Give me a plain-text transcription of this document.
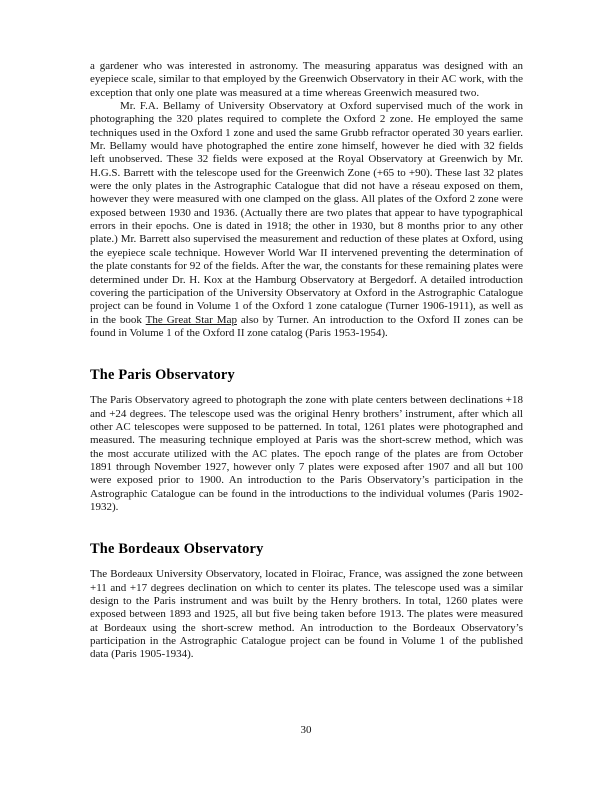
a gardener who was interested in astronomy. The measuring apparatus was designed with an eyepiece scale, similar to that employed by the Greenwich Observatory in their AC work, with the exception that only one plate was measured at a time whereas Greenwich measured two.

Mr. F.A. Bellamy of University Observatory at Oxford supervised much of the work in photographing the 320 plates required to complete the Oxford 2 zone. He employed the same techniques used in the Oxford 1 zone and used the same Grubb refractor operated 30 years earlier. Mr. Bellamy would have photographed the entire zone himself, however he died with 32 fields left unobserved. These 32 fields were exposed at the Royal Observatory at Greenwich by Mr. H.G.S. Barrett with the telescope used for the Greenwich Zone (+65 to +90). These last 32 plates were the only plates in the Astrographic Catalogue that did not have a réseau exposed on them, however they were measured with one clamped on the glass. All plates of the Oxford 2 zone were exposed between 1930 and 1936. (Actually there are two plates that appear to have typographical errors in their epochs. One is dated in 1918; the other in 1930, but 8 months prior to any other plate.) Mr. Barrett also supervised the measurement and reduction of these plates at Oxford, using the eyepiece scale technique. However World War II intervened preventing the determination of the plate constants for 92 of the fields. After the war, the constants for these remaining plates were determined under Dr. H. Kox at the Hamburg Observatory at Bergedorf. A detailed introduction covering the participation of the University Observatory at Oxford in the Astrographic Catalogue project can be found in Volume 1 of the Oxford 1 zone catalogue (Turner 1906-1911), as well as in the book The Great Star Map also by Turner. An introduction to the Oxford II zones can be found in Volume 1 of the Oxford II zone catalog (Paris 1953-1954).

The Paris Observatory

The Paris Observatory agreed to photograph the zone with plate centers between declinations +18 and +24 degrees. The telescope used was the original Henry brothers’ instrument, after which all other AC telescopes were supposed to be patterned. In total, 1261 plates were photographed and measured. The measuring technique employed at Paris was the short-screw method, which was the most accurate utilized with the AC plates. The epoch range of the plates are from October 1891 through November 1927, however only 7 plates were exposed after 1907 and all but 100 were exposed prior to 1900. An introduction to the Paris Observatory’s participation in the Astrographic Catalogue can be found in the introductions to the individual volumes (Paris 1902-1932).

The Bordeaux Observatory

The Bordeaux University Observatory, located in Floirac, France, was assigned the zone between +11 and +17 degrees declination on which to center its plates. The telescope used was a similar design to the Paris instrument and was built by the Henry brothers. In total, 1260 plates were exposed between 1893 and 1925, all but five being taken before 1913. The plates were measured at Bordeaux using the short-screw method. An introduction to the Bordeaux Observatory’s participation in the Astrographic Catalogue project can be found in Volume 1 of the published data (Paris 1905-1934).

30
